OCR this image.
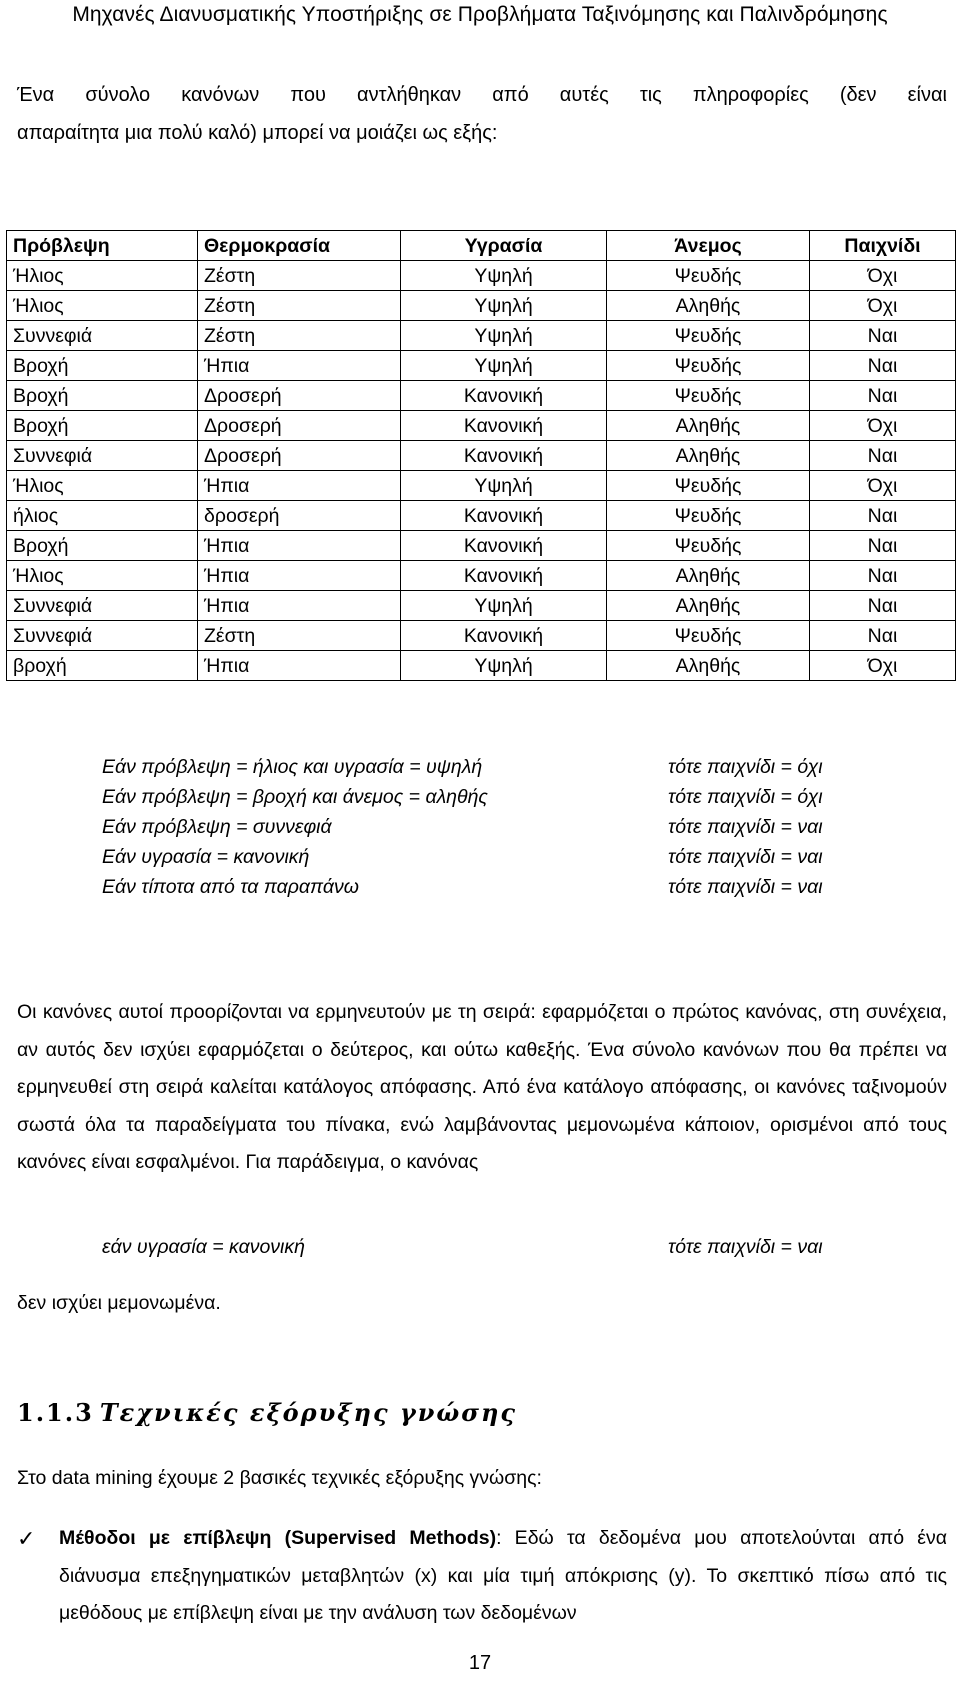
Μηχανές Διανυσματικής Υποστήριξης σε Προβλήματα Ταξινόμησης και Παλινδρόμησης
Ένα σύνολο κανόνων που αντλήθηκαν από αυτές τις πληροφορίες (δεν είναι
απαραίτητα μια πολύ καλό) μπορεί να μοιάζει ως εξής:
Πρόβλεψη	Θερμοκρασία	Υγρασία	Άνεμος	Παιχνίδι
Ήλιος	Ζέστη	Υψηλή	Ψευδής	Όχι
Ήλιος	Ζέστη	Υψηλή	Αληθής	Όχι
Συννεφιά	Ζέστη	Υψηλή	Ψευδής	Ναι
Βροχή	Ήπια	Υψηλή	Ψευδής	Ναι
Βροχή	Δροσερή	Κανονική	Ψευδής	Ναι
Βροχή	Δροσερή	Κανονική	Αληθής	Όχι
Συννεφιά	Δροσερή	Κανονική	Αληθής	Ναι
Ήλιος	Ήπια	Υψηλή	Ψευδής	Όχι
ήλιος	δροσερή	Κανονική	Ψευδής	Ναι
Βροχή	Ήπια	Κανονική	Ψευδής	Ναι
Ήλιος	Ήπια	Κανονική	Αληθής	Ναι
Συννεφιά	Ήπια	Υψηλή	Αληθής	Ναι
Συννεφιά	Ζέστη	Κανονική	Ψευδής	Ναι
βροχή	Ήπια	Υψηλή	Αληθής	Όχι
Εάν πρόβλεψη = ήλιος και υγρασία = υψηλή	τότε παιχνίδι = όχι
Εάν πρόβλεψη = βροχή και άνεμος = αληθής	τότε παιχνίδι = όχι
Εάν πρόβλεψη = συννεφιά	τότε παιχνίδι = ναι
Εάν υγρασία = κανονική	τότε παιχνίδι = ναι
Εάν τίποτα από τα παραπάνω	τότε παιχνίδι = ναι

Οι κανόνες αυτοί προορίζονται να ερμηνευτούν με τη σειρά: εφαρμόζεται ο πρώτος κανόνας, στη συνέχεια, αν αυτός δεν ισχύει εφαρμόζεται ο δεύτερος, και ούτω καθεξής. Ένα σύνολο κανόνων που θα πρέπει να ερμηνευθεί στη σειρά καλείται κατάλογος απόφασης. Από ένα κατάλογο απόφασης, οι κανόνες ταξινομούν σωστά όλα τα παραδείγματα του πίνακα, ενώ λαμβάνοντας μεμονωμένα κάποιον, ορισμένοι από τους κανόνες είναι εσφαλμένοι. Για παράδειγμα, ο κανόνας

εάν υγρασία = κανονική	τότε παιχνίδι = ναι
δεν ισχύει μεμονωμένα.
1.1.3 Τεχνικές εξόρυξης γνώσης
Στο data mining έχουμε 2 βασικές τεχνικές εξόρυξης γνώσης:
✓ Μέθοδοι με επίβλεψη (Supervised Methods): Εδώ τα δεδομένα μου αποτελούνται από ένα διάνυσμα επεξηγηματικών μεταβλητών (x) και μία τιμή απόκρισης (y). Το σκεπτικό πίσω από τις μεθόδους με επίβλεψη είναι με την ανάλυση των δεδομένων

17
